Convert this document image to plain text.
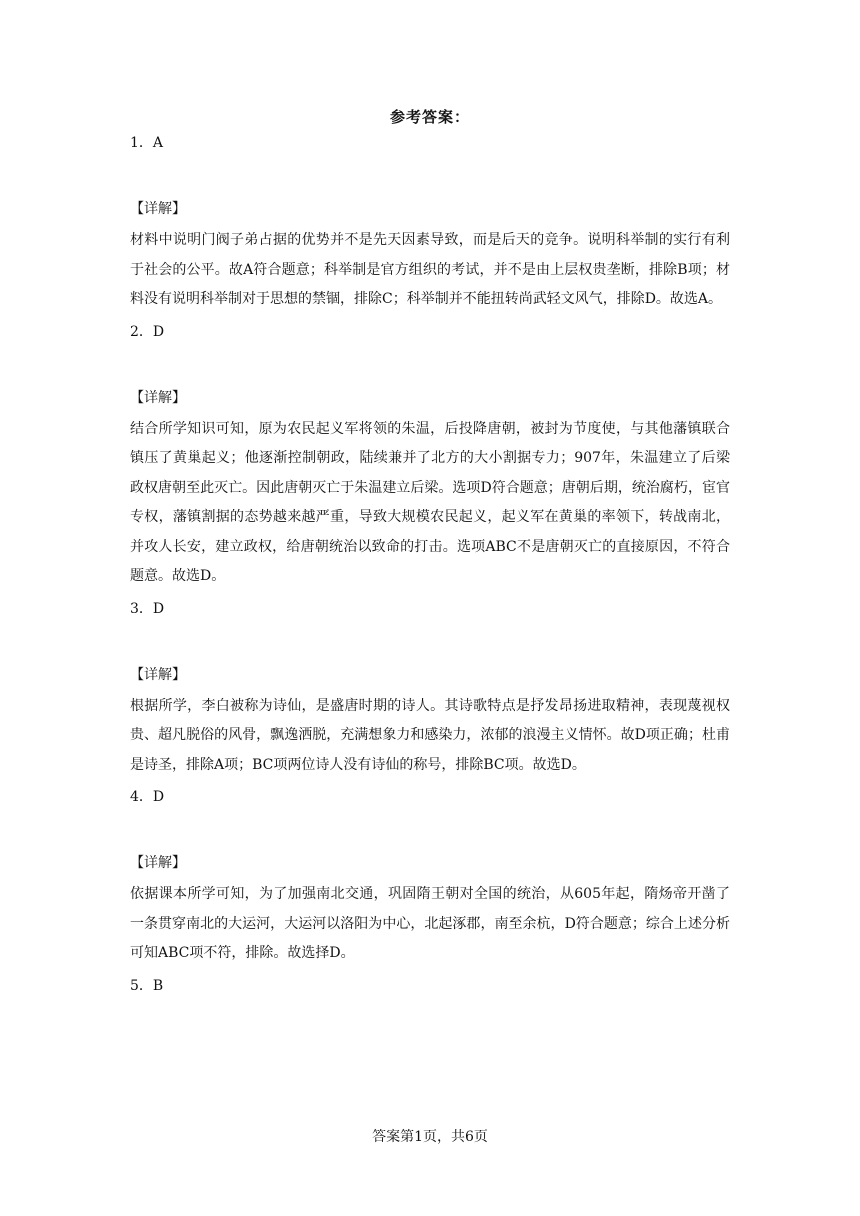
参考答案：
1．A
【详解】

材料中说明门阀子弟占据的优势并不是先天因素导致，而是后天的竞争。说明科举制的实行有利于社会的公平。故A符合题意；科举制是官方组织的考试，并不是由上层权贵垄断，排除B项；材料没有说明科举制对于思想的禁锢，排除C；科举制并不能扭转尚武轻文风气，排除D。故选A。

2．D
【详解】

结合所学知识可知，原为农民起义军将领的朱温，后投降唐朝，被封为节度使，与其他藩镇联合镇压了黄巢起义；他逐渐控制朝政，陆续兼并了北方的大小割据专力；907年，朱温建立了后梁政权唐朝至此灭亡。因此唐朝灭亡于朱温建立后梁。选项D符合题意；唐朝后期，统治腐朽，宦官专权，藩镇割据的态势越来越严重，导致大规模农民起义，起义军在黄巢的率领下，转战南北，并攻人长安，建立政权，给唐朝统治以致命的打击。选项ABC不是唐朝灭亡的直接原因，不符合题意。故选D。

3．D
【详解】

根据所学，李白被称为诗仙，是盛唐时期的诗人。其诗歌特点是抒发昂扬进取精神，表现蔑视权贵、超凡脱俗的风骨，飘逸洒脱，充满想象力和感染力，浓郁的浪漫主义情怀。故D项正确；杜甫是诗圣，排除A项；BC项两位诗人没有诗仙的称号，排除BC项。故选D。

4．D
【详解】

依据课本所学可知，为了加强南北交通，巩固隋王朝对全国的统治，从605年起，隋炀帝开凿了一条贯穿南北的大运河，大运河以洛阳为中心，北起涿郡，南至余杭，D符合题意；综合上述分析可知ABC项不符，排除。故选择D。

5．B
答案第1页，共6页
